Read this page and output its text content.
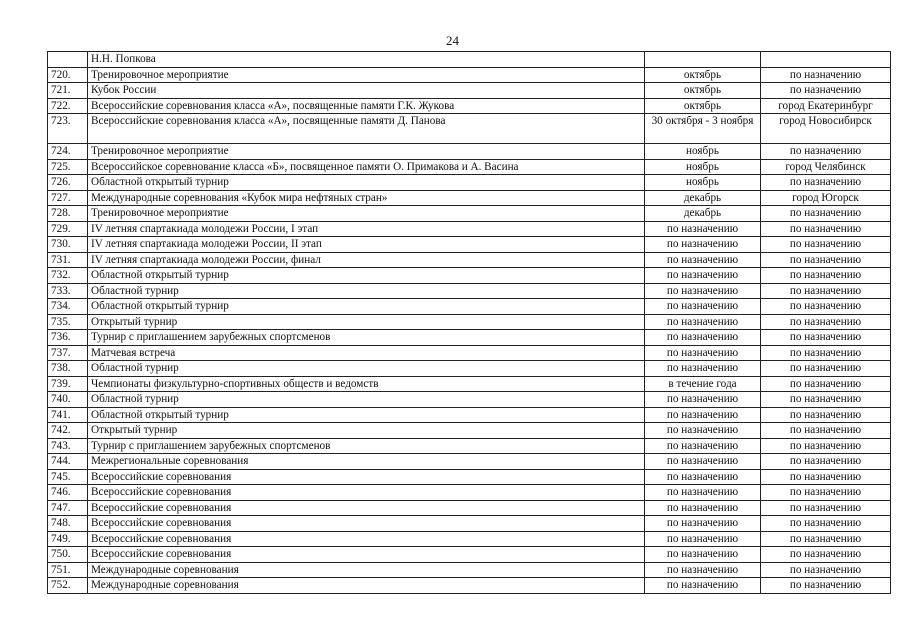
24
	Н.Н. Попкова		
720.	Тренировочное мероприятие	октябрь	по назначению
721.	Кубок России	октябрь	по назначению
722.	Всероссийские соревнования класса «А», посвященные памяти Г.К. Жукова	октябрь	город Екатеринбург
723.	Всероссийские соревнования класса «А», посвященные памяти Д. Панова	30 октября - 3 ноября	город Новосибирск
724.	Тренировочное мероприятие	ноябрь	по назначению
725.	Всероссийское соревнование класса «Б», посвященное памяти О. Примакова и А. Васина	ноябрь	город Челябинск
726.	Областной открытый турнир	ноябрь	по назначению
727.	Международные соревнования «Кубок мира нефтяных стран»	декабрь	город Югорск
728.	Тренировочное мероприятие	декабрь	по назначению
729.	IV летняя спартакиада молодежи России, I этап	по назначению	по назначению
730.	IV летняя спартакиада молодежи России, II этап	по назначению	по назначению
731.	IV летняя спартакиада молодежи России, финал	по назначению	по назначению
732.	Областной открытый турнир	по назначению	по назначению
733.	Областной турнир	по назначению	по назначению
734.	Областной открытый турнир	по назначению	по назначению
735.	Открытый турнир	по назначению	по назначению
736.	Турнир с приглашением зарубежных спортсменов	по назначению	по назначению
737.	Матчевая встреча	по назначению	по назначению
738.	Областной турнир	по назначению	по назначению
739.	Чемпионаты физкультурно-спортивных обществ и ведомств	в течение года	по назначению
740.	Областной турнир	по назначению	по назначению
741.	Областной открытый турнир	по назначению	по назначению
742.	Открытый турнир	по назначению	по назначению
743.	Турнир с приглашением зарубежных спортсменов	по назначению	по назначению
744.	Межрегиональные соревнования	по назначению	по назначению
745.	Всероссийские соревнования	по назначению	по назначению
746.	Всероссийские соревнования	по назначению	по назначению
747.	Всероссийские соревнования	по назначению	по назначению
748.	Всероссийские соревнования	по назначению	по назначению
749.	Всероссийские соревнования	по назначению	по назначению
750.	Всероссийские соревнования	по назначению	по назначению
751.	Международные соревнования	по назначению	по назначению
752.	Международные соревнования	по назначению	по назначению
